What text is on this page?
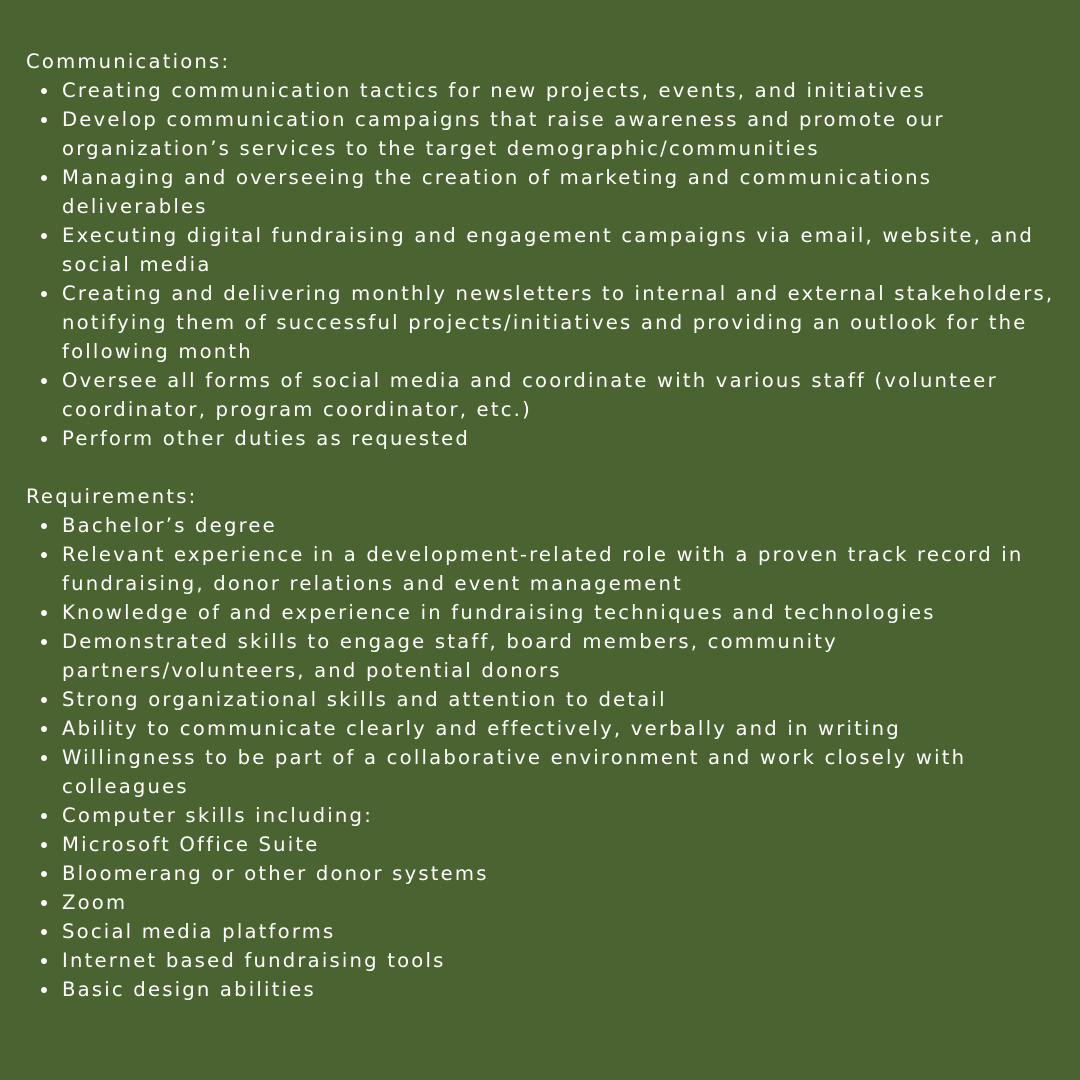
Communications:
Creating communication tactics for new projects, events, and initiatives
Develop communication campaigns that raise awareness and promote our organization’s services to the target demographic/communities
Managing and overseeing the creation of marketing and communications deliverables
Executing digital fundraising and engagement campaigns via email, website, and social media
Creating and delivering monthly newsletters to internal and external stakeholders, notifying them of successful projects/initiatives and providing an outlook for the following month
Oversee all forms of social media and coordinate with various staff (volunteer coordinator, program coordinator, etc.)
Perform other duties as requested
Requirements:
Bachelor’s degree
Relevant experience in a development-related role with a proven track record in fundraising, donor relations and event management
Knowledge of and experience in fundraising techniques and technologies
Demonstrated skills to engage staff, board members, community partners/volunteers, and potential donors
Strong organizational skills and attention to detail
Ability to communicate clearly and effectively, verbally and in writing
Willingness to be part of a collaborative environment and work closely with colleagues
Computer skills including:
Microsoft Office Suite
Bloomerang or other donor systems
Zoom
Social media platforms
Internet based fundraising tools
Basic design abilities
